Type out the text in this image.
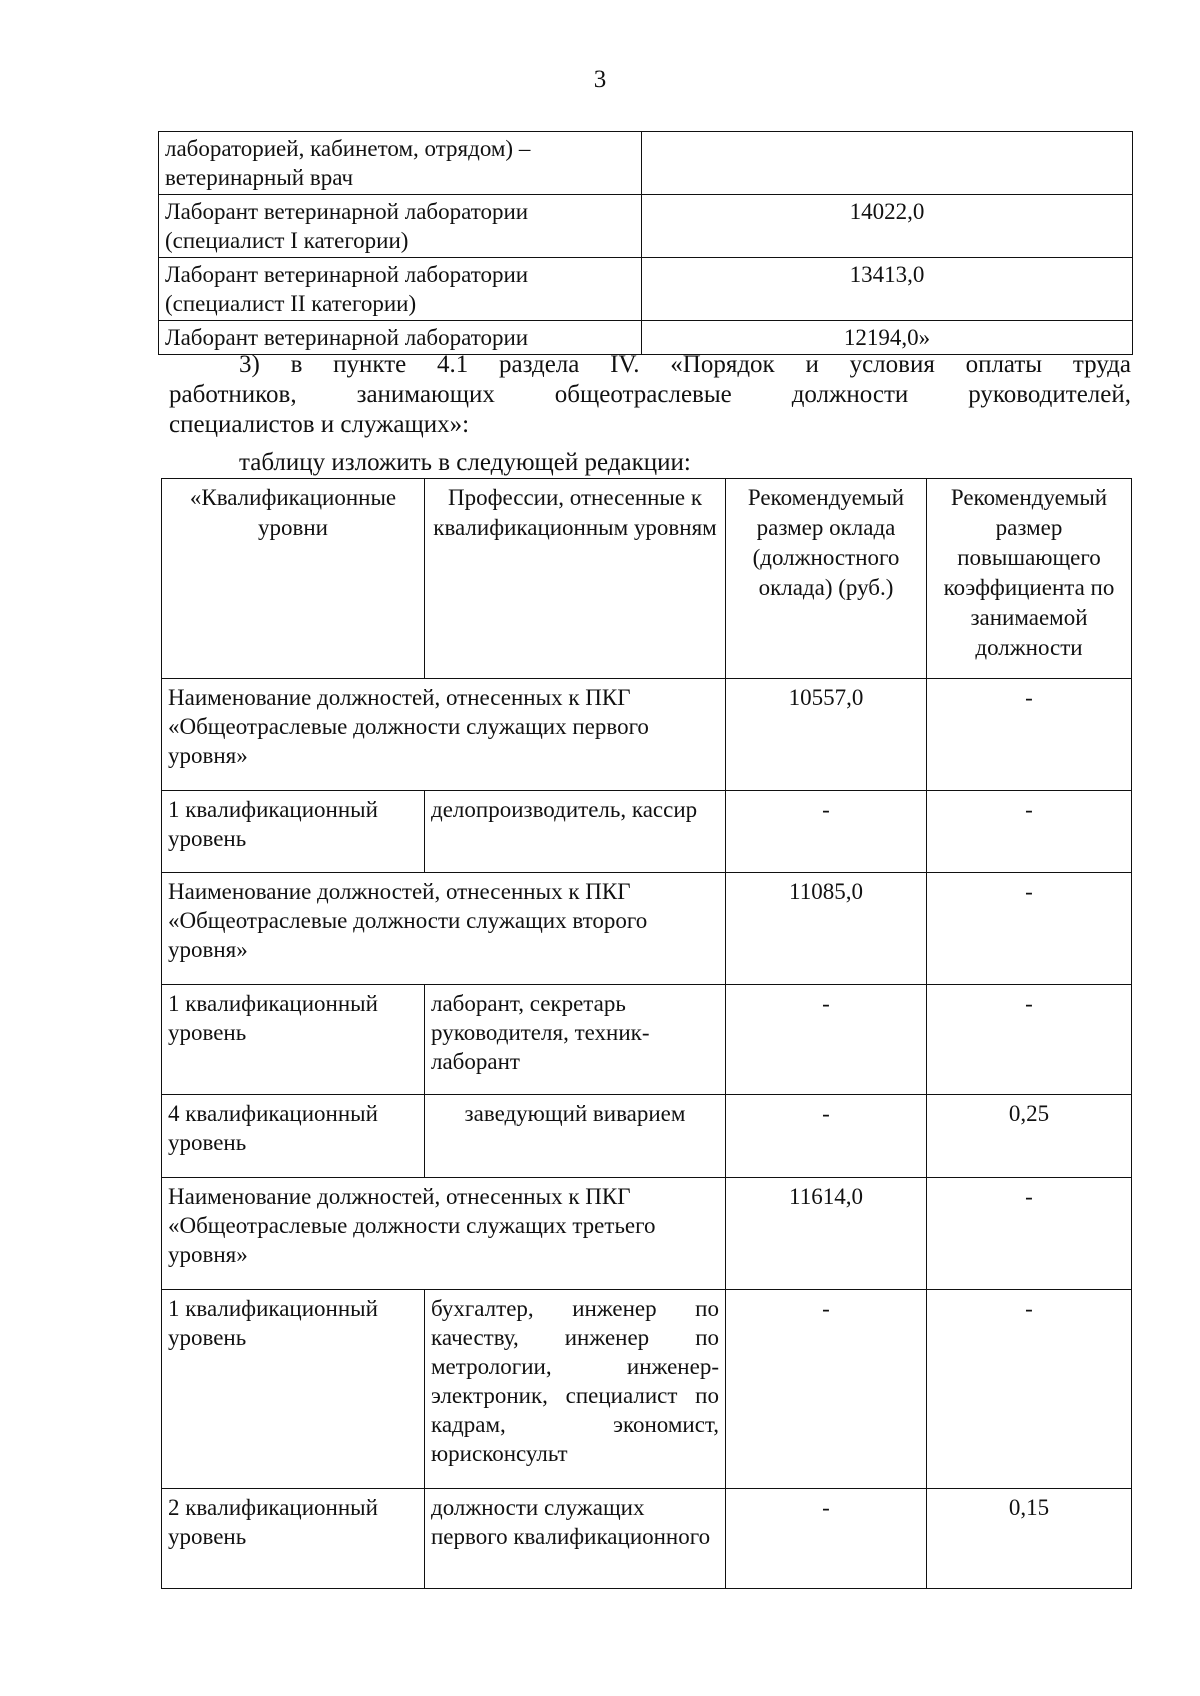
3
лабораторией, кабинетом, отрядом) – ветеринарный врач	
Лаборант ветеринарной лаборатории (специалист I категории)	14022,0
Лаборант ветеринарной лаборатории (специалист II категории)	13413,0
Лаборант ветеринарной лаборатории	12194,0»
3) в пункте 4.1 раздела IV. «Порядок и условия оплаты труда
работников, занимающих общеотраслевые должности руководителей,
специалистов и служащих»:
таблицу изложить в следующей редакции:
«Квалификационные уровни	Профессии, отнесенные к квалификационным уровням	Рекомендуемый размер оклада (должностного оклада) (руб.)	Рекомендуемый размер повышающего коэффициента по занимаемой должности
Наименование должностей, отнесенных к ПКГ «Общеотраслевые должности служащих первого уровня»		10557,0	-
1 квалификационный уровень	делопроизводитель, кассир	-	-
Наименование должностей, отнесенных к ПКГ «Общеотраслевые должности служащих второго уровня»		11085,0	-
1 квалификационный уровень	лаборант, секретарь руководителя, техник-лаборант	-	-
4 квалификационный уровень	заведующий виварием	-	0,25
Наименование должностей, отнесенных к ПКГ «Общеотраслевые должности служащих третьего уровня»		11614,0	-
1 квалификационный уровень	бухгалтер, инженер по качеству, инженер по метрологии, инженер-электроник, специалист по кадрам, экономист, юрисконсульт	-	-
2 квалификационный уровень	должности служащих первого квалификационного	-	0,15
